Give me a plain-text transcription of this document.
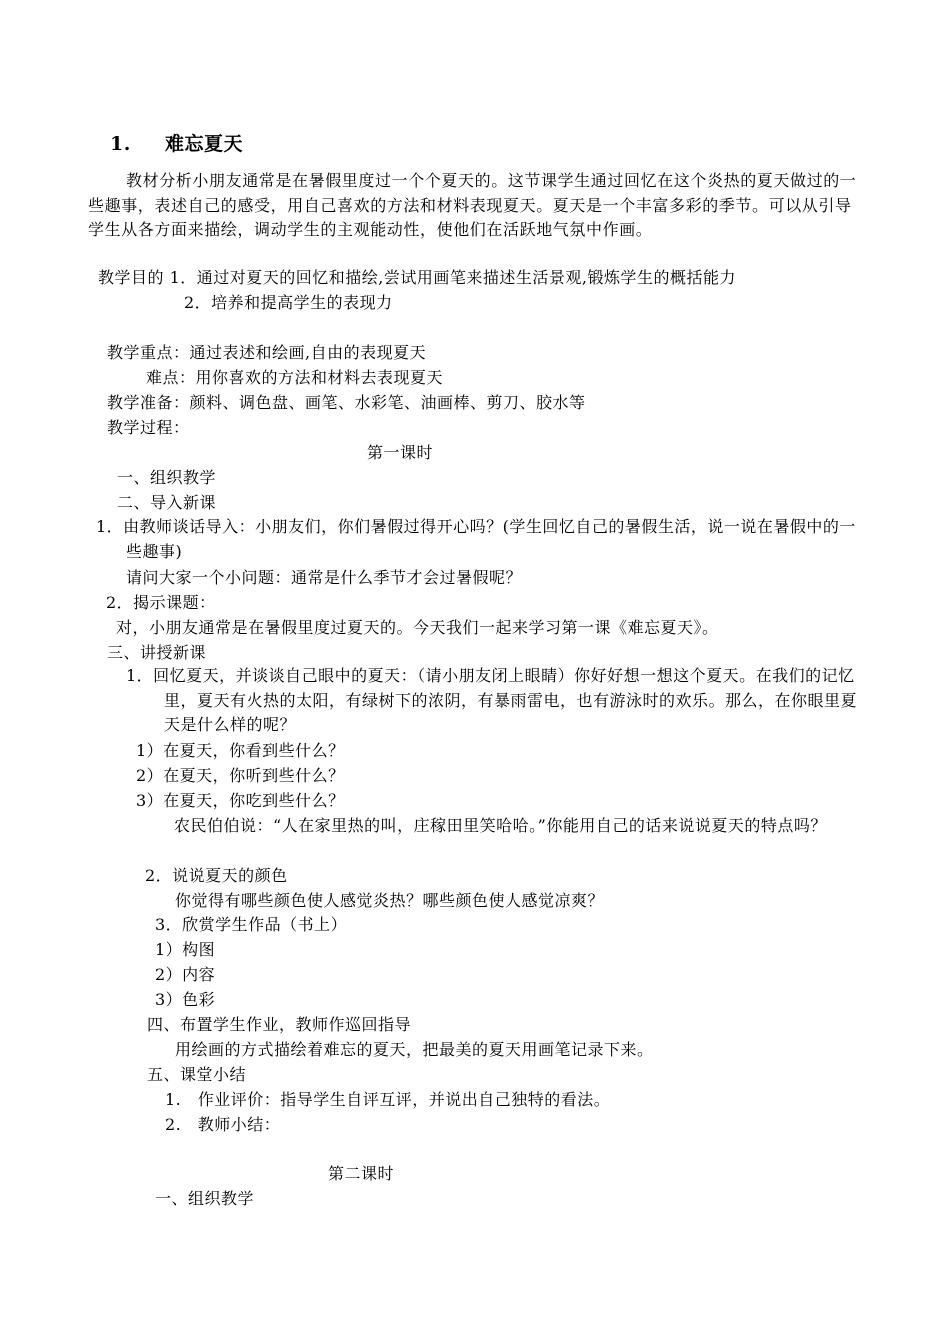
1. 难忘夏天
教材分析小朋友通常是在暑假里度过一个个夏天的。这节课学生通过回忆在这个炎热的夏天做过的一些趣事，表述自己的感受，用自己喜欢的方法和材料表现夏天。夏天是一个丰富多彩的季节。可以从引导学生从各方面来描绘，调动学生的主观能动性，使他们在活跃地气氛中作画。
教学目的 1．通过对夏天的回忆和描绘,尝试用画笔来描述生活景观,锻炼学生的概括能力
2．培养和提高学生的表现力
教学重点：通过表述和绘画,自由的表现夏天
难点：用你喜欢的方法和材料去表现夏天
教学准备：颜料、调色盘、画笔、水彩笔、油画棒、剪刀、胶水等
教学过程：
第一课时
一、组织教学
二、导入新课
1．由教师谈话导入：小朋友们，你们暑假过得开心吗？(学生回忆自己的暑假生活，说一说在暑假中的一些趣事)
请问大家一个小问题：通常是什么季节才会过暑假呢？
2．揭示课题：
对，小朋友通常是在暑假里度过夏天的。今天我们一起来学习第一课《难忘夏天》。
三、讲授新课
1．回忆夏天，并谈谈自己眼中的夏天：（请小朋友闭上眼睛）你好好想一想这个夏天。在我们的记忆里，夏天有火热的太阳，有绿树下的浓阴，有暴雨雷电，也有游泳时的欢乐。那么，在你眼里夏天是什么样的呢？
1）在夏天，你看到些什么？
2）在夏天，你听到些什么？
3）在夏天，你吃到些什么？
农民伯伯说：“人在家里热的叫，庄稼田里笑哈哈。”你能用自己的话来说说夏天的特点吗？
2．说说夏天的颜色
你觉得有哪些颜色使人感觉炎热？哪些颜色使人感觉凉爽？
3．欣赏学生作品（书上）
1）构图
2）内容
3）色彩
四、布置学生作业，教师作巡回指导
用绘画的方式描绘着难忘的夏天，把最美的夏天用画笔记录下来。
五、课堂小结
1.　作业评价：指导学生自评互评，并说出自己独特的看法。
2.　教师小结：
第二课时
一、组织教学
